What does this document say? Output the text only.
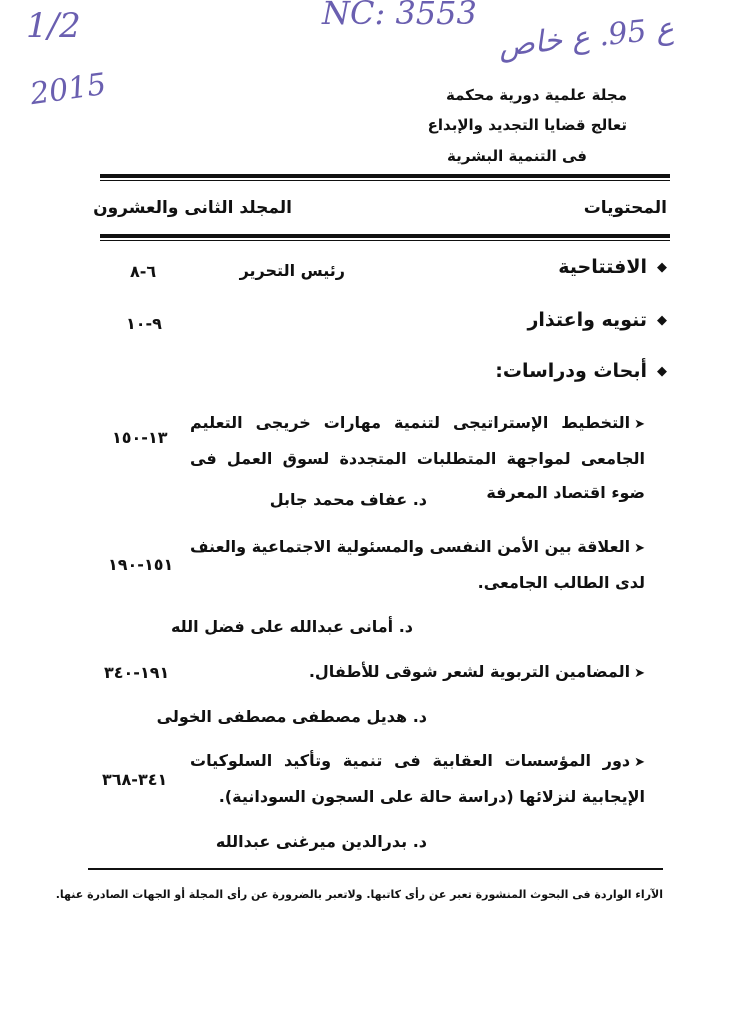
1/2
2015
NC: 3553
ع 95. ع خاص
مجلة علمية دورية محكمة
تعالج قضايا التجديد والإبداع
فى التنمية البشرية
المحتويات
المجلد الثانى والعشرون
◆الافتتاحية
رئيس التحرير
٦-٨
◆تنويه واعتذار
٩-١٠
◆أبحاث ودراسات:
➤التخطيط الإستراتيجى لتنمية مهارات خريجى التعليم الجامعى لمواجهة المتطلبات المتجددة لسوق العمل فى ضوء اقتصاد المعرفة
١٣-١٥٠
د. عفاف محمد جابل
➤العلاقة بين الأمن النفسى والمسئولية الاجتماعية والعنف لدى الطالب الجامعى.
١٥١-١٩٠
د. أمانى عبدالله على فضل الله
➤المضامين التربوية لشعر شوقى للأطفال.
١٩١-٣٤٠
د. هديل مصطفى مصطفى الخولى
➤دور المؤسسات العقابية فى تنمية وتأكيد السلوكيات الإيجابية لنزلائها (دراسة حالة على السجون السودانية).
٣٤١-٣٦٨
د. بدرالدين ميرغنى عبدالله
الآراء الواردة فى البحوث المنشورة تعبر عن رأى كاتبها. ولاتعبر بالضرورة عن رأى المجلة أو الجهات الصادرة عنها.
